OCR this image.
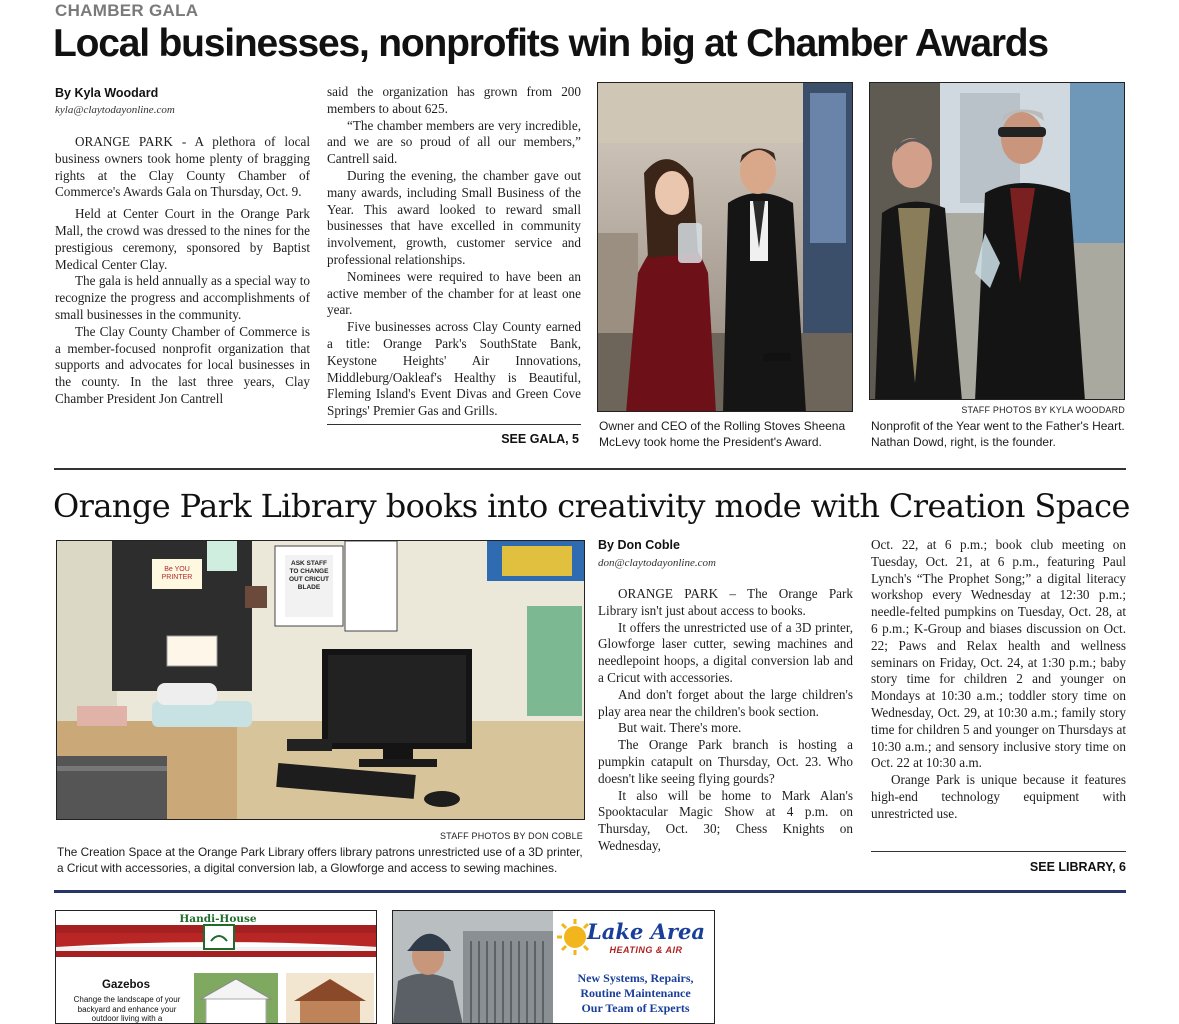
CHAMBER GALA
Local businesses, nonprofits win big at Chamber Awards
By Kyla Woodard
kyla@claytodayonline.com

ORANGE PARK - A plethora of local business owners took home plenty of bragging rights at the Clay County Chamber of Commerce's Awards Gala on Thursday, Oct. 9.

Held at Center Court in the Orange Park Mall, the crowd was dressed to the nines for the prestigious ceremony, sponsored by Baptist Medical Center Clay.

The gala is held annually as a special way to recognize the progress and accomplishments of small businesses in the community.

The Clay County Chamber of Commerce is a member-focused nonprofit organization that supports and advocates for local businesses in the county. In the last three years, Clay Chamber President Jon Cantrell

said the organization has grown from 200 members to about 625.

“The chamber members are very incredible, and we are so proud of all our members,” Cantrell said.

During the evening, the chamber gave out many awards, including Small Business of the Year. This award looked to reward small businesses that have excelled in community involvement, growth, customer service and professional relationships.

Nominees were required to have been an active member of the chamber for at least one year.

Five businesses across Clay County earned a title: Orange Park's SouthState Bank, Keystone Heights' Air Innovations, Middleburg/Oakleaf's Healthy is Beautiful, Fleming Island's Event Divas and Green Cove Springs' Premier Gas and Grills.

SEE GALA, 5
Owner and CEO of the Rolling Stoves Sheena McLevy took home the President's Award.
STAFF PHOTOS BY KYLA WOODARD
Nonprofit of the Year went to the Father's Heart. Nathan Dowd, right, is the founder.
Orange Park Library books into creativity mode with Creation Space
ASK STAFF TO CHANGE OUT CRICUT BLADE
Be YOU PRINTER
STAFF PHOTOS BY DON COBLE
The Creation Space at the Orange Park Library offers library patrons unrestricted use of a 3D printer, a Cricut with accessories, a digital conversion lab, a Glowforge and access to sewing machines.
By Don Coble
don@claytodayonline.com

ORANGE PARK – The Orange Park Library isn't just about access to books.

It offers the unrestricted use of a 3D printer, Glowforge laser cutter, sewing machines and needlepoint hoops, a digital conversion lab and a Cricut with accessories.

And don't forget about the large children's play area near the children's book section.

But wait. There's more.

The Orange Park branch is hosting a pumpkin catapult on Thursday, Oct. 23. Who doesn't like seeing flying gourds?

It also will be home to Mark Alan's Spooktacular Magic Show at 4 p.m. on Thursday, Oct. 30; Chess Knights on Wednesday,

Oct. 22, at 6 p.m.; book club meeting on Tuesday, Oct. 21, at 6 p.m., featuring Paul Lynch's “The Prophet Song;” a digital literacy workshop every Wednesday at 12:30 p.m.; needle-felted pumpkins on Tuesday, Oct. 28, at 6 p.m.; K-Group and biases discussion on Oct. 22; Paws and Relax health and wellness seminars on Friday, Oct. 24, at 1:30 p.m.; baby story time for children 2 and younger on Mondays at 10:30 a.m.; toddler story time on Wednesday, Oct. 29, at 10:30 a.m.; family story time for children 5 and younger on Thursdays at 10:30 a.m.; and sensory inclusive story time on Oct. 22 at 10:30 a.m.

Orange Park is unique because it features high-end technology equipment with unrestricted use.

SEE LIBRARY, 6
Handi-House
Gazebos
Change the landscape of your backyard and enhance your outdoor living with a
Lake Area
HEATING & AIR
New Systems, Repairs,
Routine Maintenance
Our Team of Experts
